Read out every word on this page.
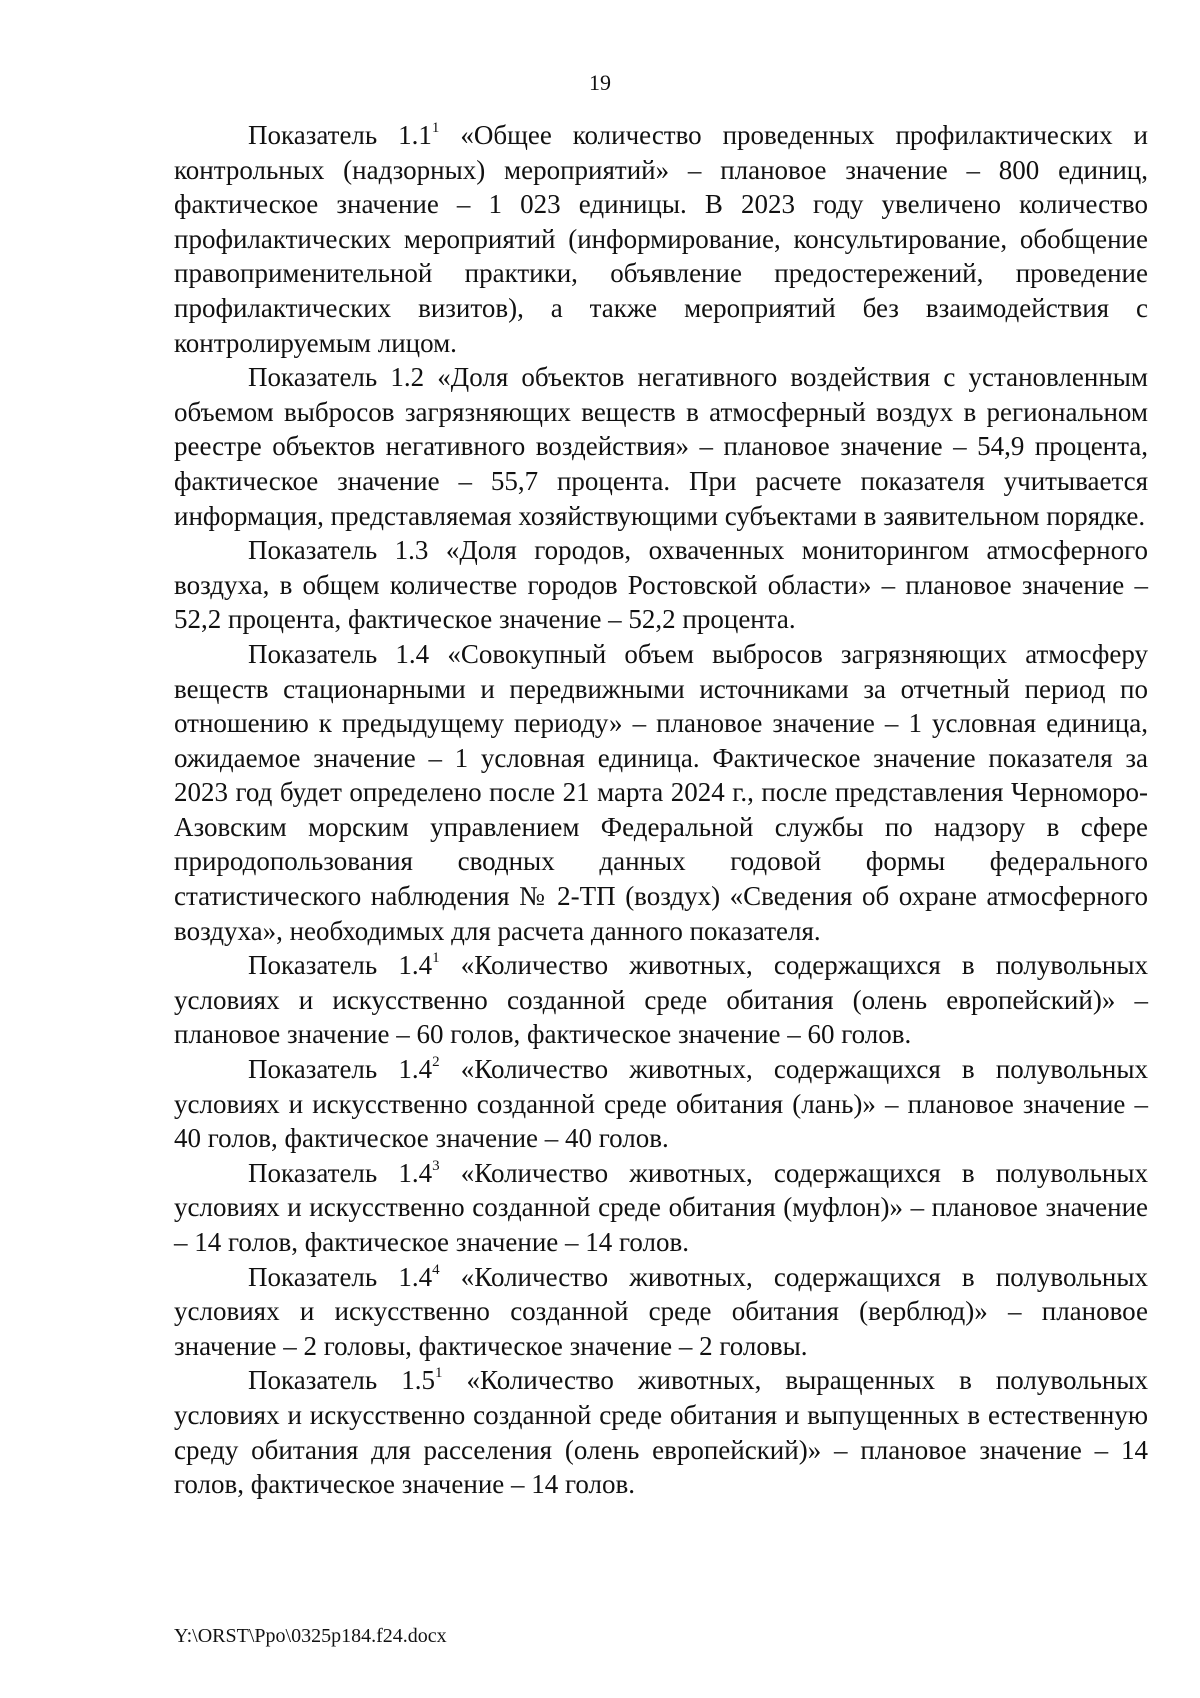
19

Показатель $1.1^1$ «Общее количество проведенных профилактических и контрольных (надзорных) мероприятий» – плановое значение – 800 единиц, фактическое значение – 1 023 единицы. В 2023 году увеличено количество профилактических мероприятий (информирование, консультирование, обобщение правоприменительной практики, объявление предостережений, проведение профилактических визитов), а также мероприятий без взаимодействия с контролируемым лицом.

Показатель 1.2 «Доля объектов негативного воздействия с установленным объемом выбросов загрязняющих веществ в атмосферный воздух в региональном реестре объектов негативного воздействия» – плановое значение – 54,9 процента, фактическое значение – 55,7 процента. При расчете показателя учитывается информация, представляемая хозяйствующими субъектами в заявительном порядке.

Показатель 1.3 «Доля городов, охваченных мониторингом атмосферного воздуха, в общем количестве городов Ростовской области» – плановое значение – 52,2 процента, фактическое значение – 52,2 процента.

Показатель 1.4 «Совокупный объем выбросов загрязняющих атмосферу веществ стационарными и передвижными источниками за отчетный период по отношению к предыдущему периоду» – плановое значение – 1 условная единица, ожидаемое значение – 1 условная единица. Фактическое значение показателя за 2023 год будет определено после 21 марта 2024 г., после представления Черноморо-Азовским морским управлением Федеральной службы по надзору в сфере природопользования сводных данных годовой формы федерального статистического наблюдения № 2-ТП (воздух) «Сведения об охране атмосферного воздуха», необходимых для расчета данного показателя.

Показатель $1.4^1$ «Количество животных, содержащихся в полувольных условиях и искусственно созданной среде обитания (олень европейский)» – плановое значение – 60 голов, фактическое значение – 60 голов.

Показатель $1.4^2$ «Количество животных, содержащихся в полувольных условиях и искусственно созданной среде обитания (лань)» – плановое значение – 40 голов, фактическое значение – 40 голов.

Показатель $1.4^3$ «Количество животных, содержащихся в полувольных условиях и искусственно созданной среде обитания (муфлон)» – плановое значение – 14 голов, фактическое значение – 14 голов.

Показатель $1.4^4$ «Количество животных, содержащихся в полувольных условиях и искусственно созданной среде обитания (верблюд)» – плановое значение – 2 головы, фактическое значение – 2 головы.

Показатель $1.5^1$ «Количество животных, выращенных в полувольных условиях и искусственно созданной среде обитания и выпущенных в естественную среду обитания для расселения (олень европейский)» – плановое значение – 14 голов, фактическое значение – 14 голов.

Y:\ORST\Ppo\0325p184.f24.docx
